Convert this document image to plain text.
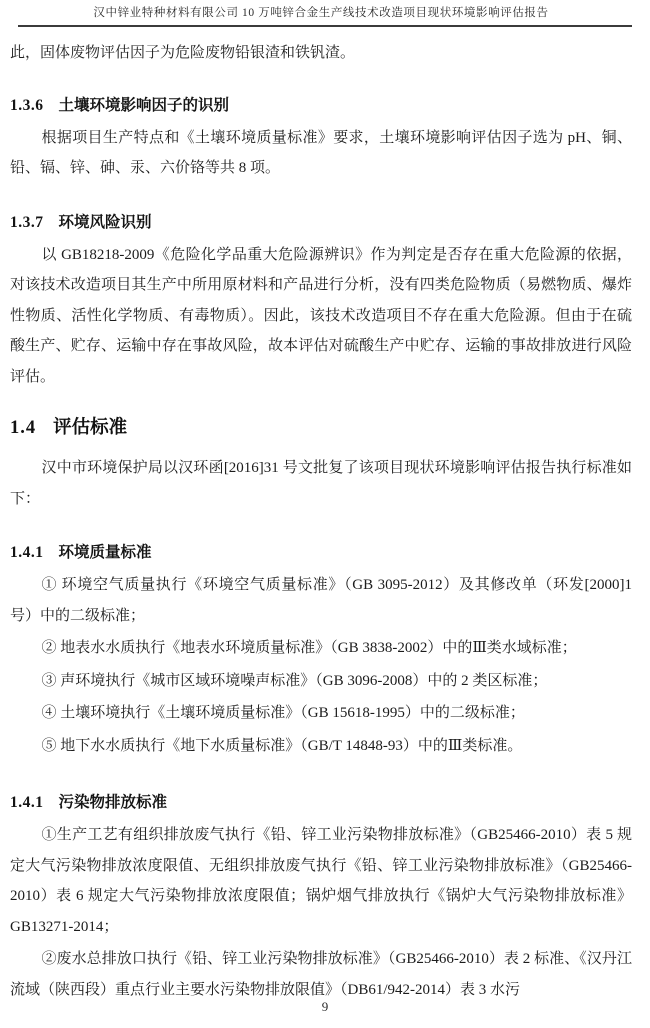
汉中锌业特种材料有限公司 10 万吨锌合金生产线技术改造项目现状环境影响评估报告

此，固体废物评估因子为危险废物铅银渣和铁钒渣。

1.3.6 土壤环境影响因子的识别

根据项目生产特点和《土壤环境质量标准》要求，土壤环境影响评估因子选为 pH、铜、铅、镉、锌、砷、汞、六价铬等共 8 项。

1.3.7 环境风险识别

以 GB18218-2009《危险化学品重大危险源辨识》作为判定是否存在重大危险源的依据，对该技术改造项目其生产中所用原材料和产品进行分析，没有四类危险物质（易燃物质、爆炸性物质、活性化学物质、有毒物质）。因此，该技术改造项目不存在重大危险源。但由于在硫酸生产、贮存、运输中存在事故风险，故本评估对硫酸生产中贮存、运输的事故排放进行风险评估。

1.4 评估标准

汉中市环境保护局以汉环函[2016]31 号文批复了该项目现状环境影响评估报告执行标准如下：

1.4.1 环境质量标准

① 环境空气质量执行《环境空气质量标准》（GB 3095-2012）及其修改单（环发[2000]1 号）中的二级标准；

② 地表水水质执行《地表水环境质量标准》（GB 3838-2002）中的Ⅲ类水域标准；

③ 声环境执行《城市区域环境噪声标准》（GB 3096-2008）中的 2 类区标准；

④ 土壤环境执行《土壤环境质量标准》（GB 15618-1995）中的二级标准；

⑤ 地下水水质执行《地下水质量标准》（GB/T 14848-93）中的Ⅲ类标准。

1.4.1 污染物排放标准

①生产工艺有组织排放废气执行《铅、锌工业污染物排放标准》（GB25466-2010）表 5 规定大气污染物排放浓度限值、无组织排放废气执行《铅、锌工业污染物排放标准》（GB25466-2010）表 6 规定大气污染物排放浓度限值；锅炉烟气排放执行《锅炉大气污染物排放标准》GB13271-2014；

②废水总排放口执行《铅、锌工业污染物排放标准》（GB25466-2010）表 2 标准、《汉丹江流域（陕西段）重点行业主要水污染物排放限值》（DB61/942-2014）表 3 水污

9
